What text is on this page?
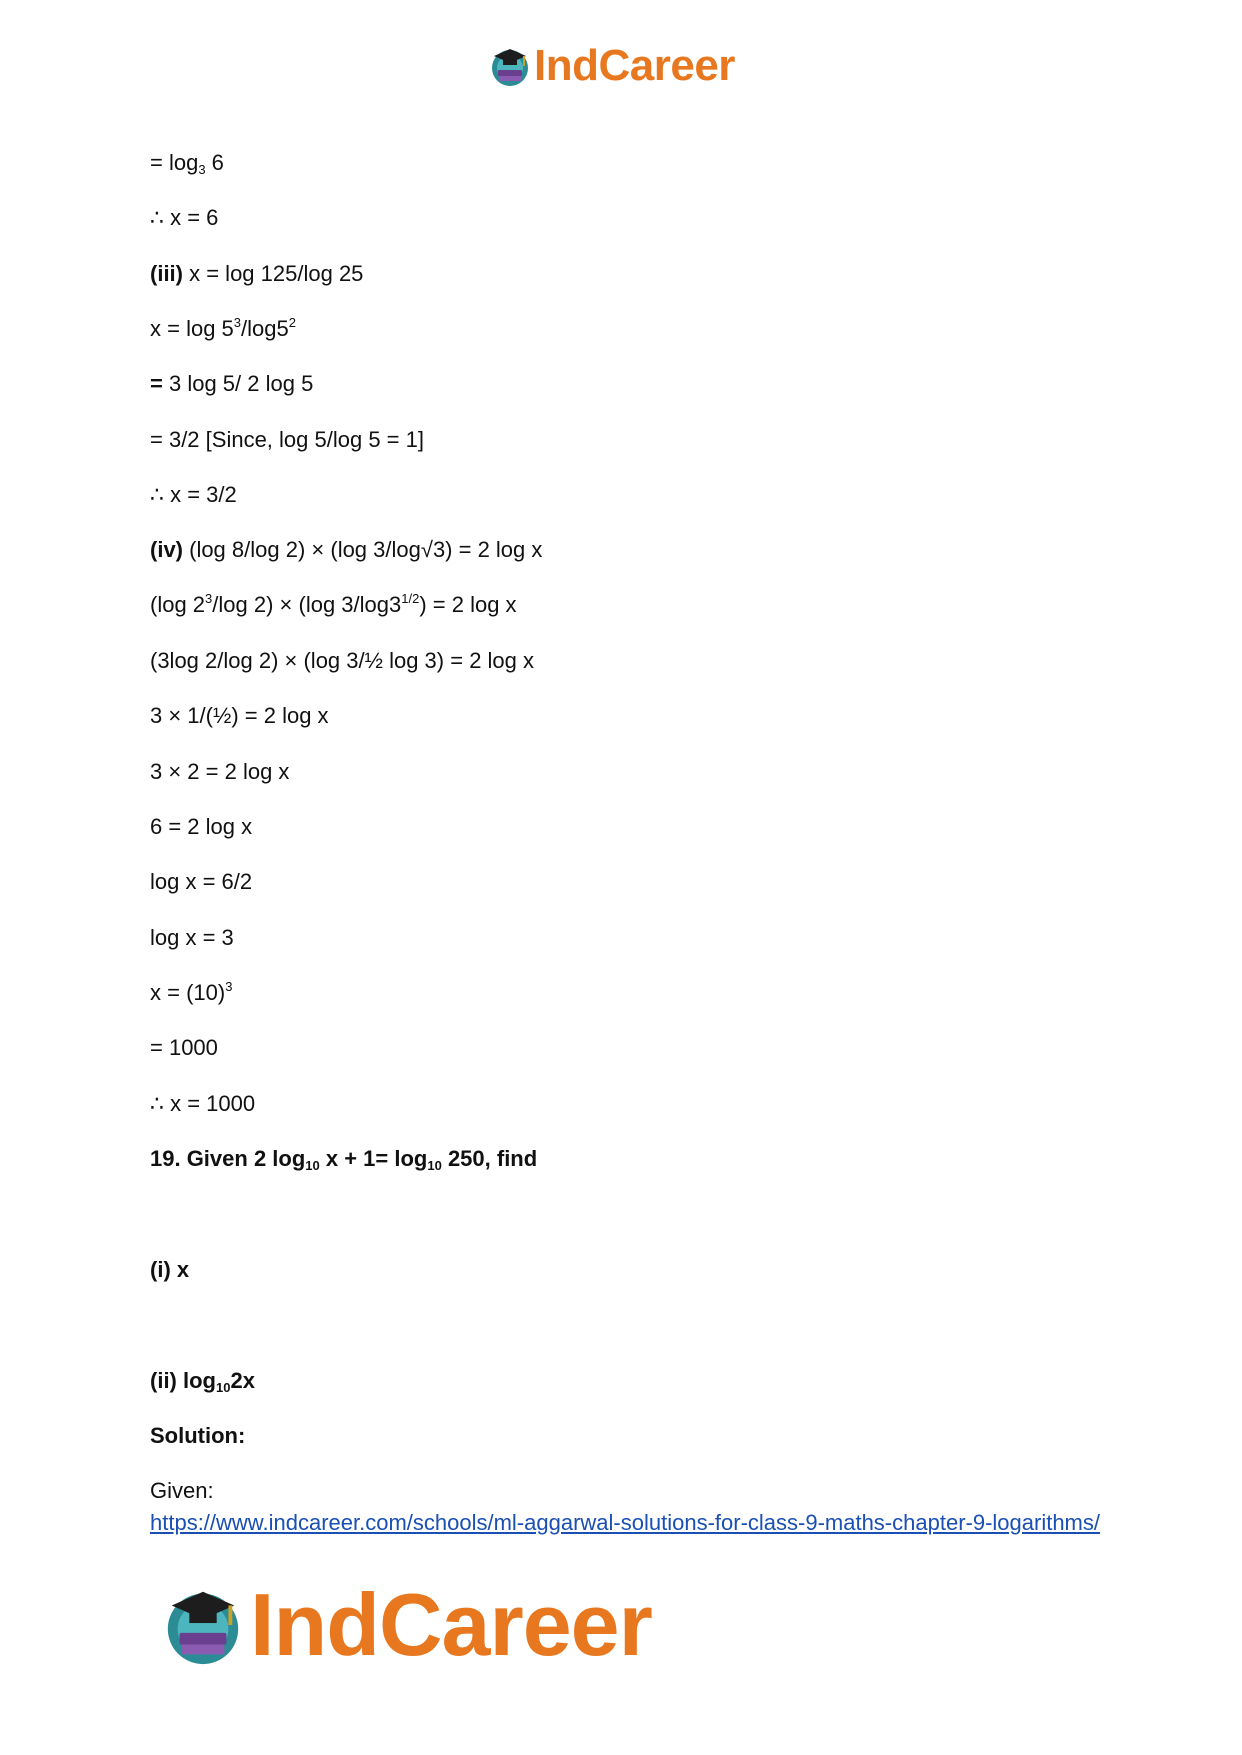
IndCareer
= $\log_3 6$
∴ x = 6
(iii) x = log 125/log 25
$x = \log 5^3/\log 5^2$
= 3 log 5/ 2 log 5
= 3/2 [Since, log 5/log 5 = 1]
∴ x = 3/2
(iv) (log 8/log 2) × (log 3/log√3) = 2 log x
(log $2^3/\log$ 2) × (log $3/\log 3^{1/2}) = 2$ log x
(3log 2/log 2) × (log 3/½ log 3) = 2 log x
3 × 1/(½) = 2 log x
3 × 2 = 2 log x
6 = 2 log x
log x = 6/2
log x = 3
$x = (10)^3$
= 1000
∴ x = 1000
19. Given 2 $\log_{10} x + 1= \log_{10} 250$, find
(i) x
(ii) $\log_{10}2x$
Solution:
Given:
https://www.indcareer.com/schools/ml-aggarwal-solutions-for-class-9-maths-chapter-9-logarithms/
IndCareer
